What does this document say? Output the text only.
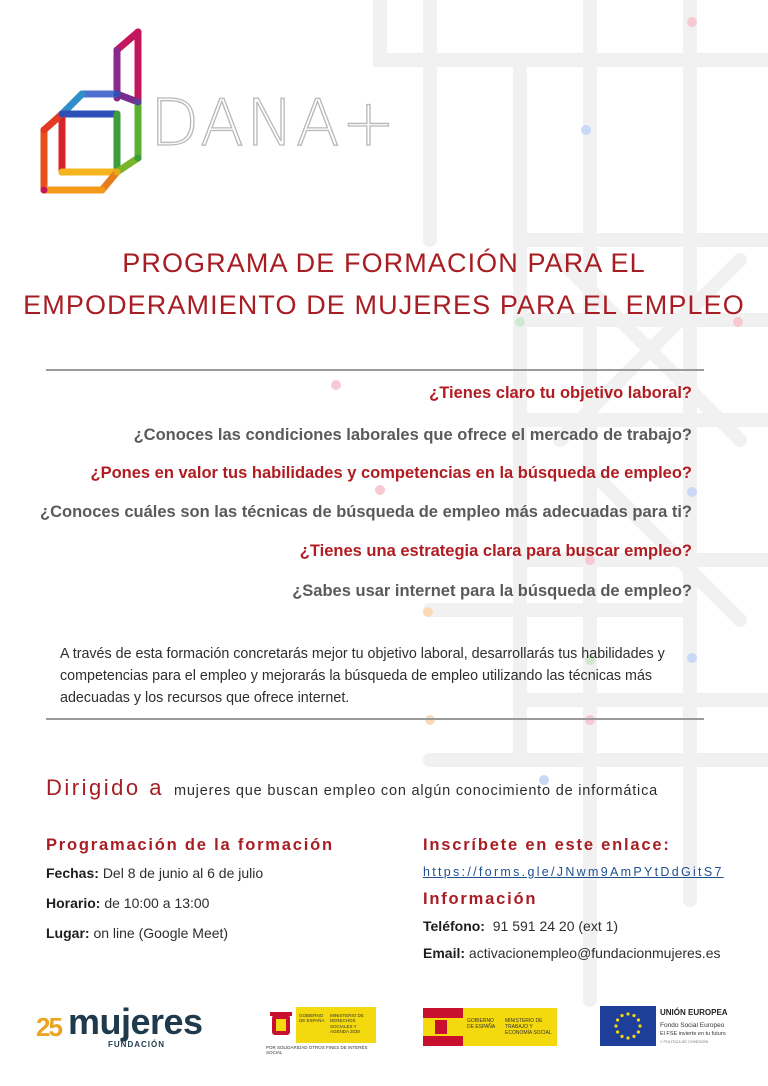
DANA+
PROGRAMA DE FORMACIÓN PARA EL
EMPODERAMIENTO DE MUJERES PARA EL EMPLEO
¿Tienes claro tu objetivo laboral?
¿Conoces las condiciones laborales que ofrece el mercado de trabajo?
¿Pones en valor tus habilidades y competencias en la búsqueda de empleo?
¿Conoces cuáles son las técnicas de búsqueda de empleo más adecuadas para ti?
¿Tienes una estrategia clara para buscar empleo?
¿Sabes usar internet para la búsqueda de empleo?
A través de esta formación concretarás mejor tu objetivo laboral, desarrollarás tus habilidades y competencias para el empleo y mejorarás la búsqueda de empleo utilizando las técnicas más adecuadas y los recursos que ofrece internet.
Dirigido a mujeres que buscan empleo con algún conocimiento de informática
Programación de la formación
Fechas: Del 8 de junio al 6 de julio
Horario: de 10:00 a 13:00
Lugar: on line (Google Meet)
Inscríbete en este enlace:
https://forms.gle/JNwm9AmPYtDdGitS7
Información
Teléfono: 91 591 24 20 (ext 1)
Email: activacionempleo@fundacionmujeres.es
25 mujeres
FUNDACIÓN
GOBIERNO DE ESPAÑA
MINISTERIO DE DERECHOS SOCIALES Y AGENDA 2030
POR SOLIDARIDAD OTROS FINES DE INTERÉS SOCIAL
GOBIERNO DE ESPAÑA
MINISTERIO DE TRABAJO Y ECONOMÍA SOCIAL
UNIÓN EUROPEA
Fondo Social Europeo
El FSE invierte en tu futuro
Y POLÍTICA DE COHESIÓN
